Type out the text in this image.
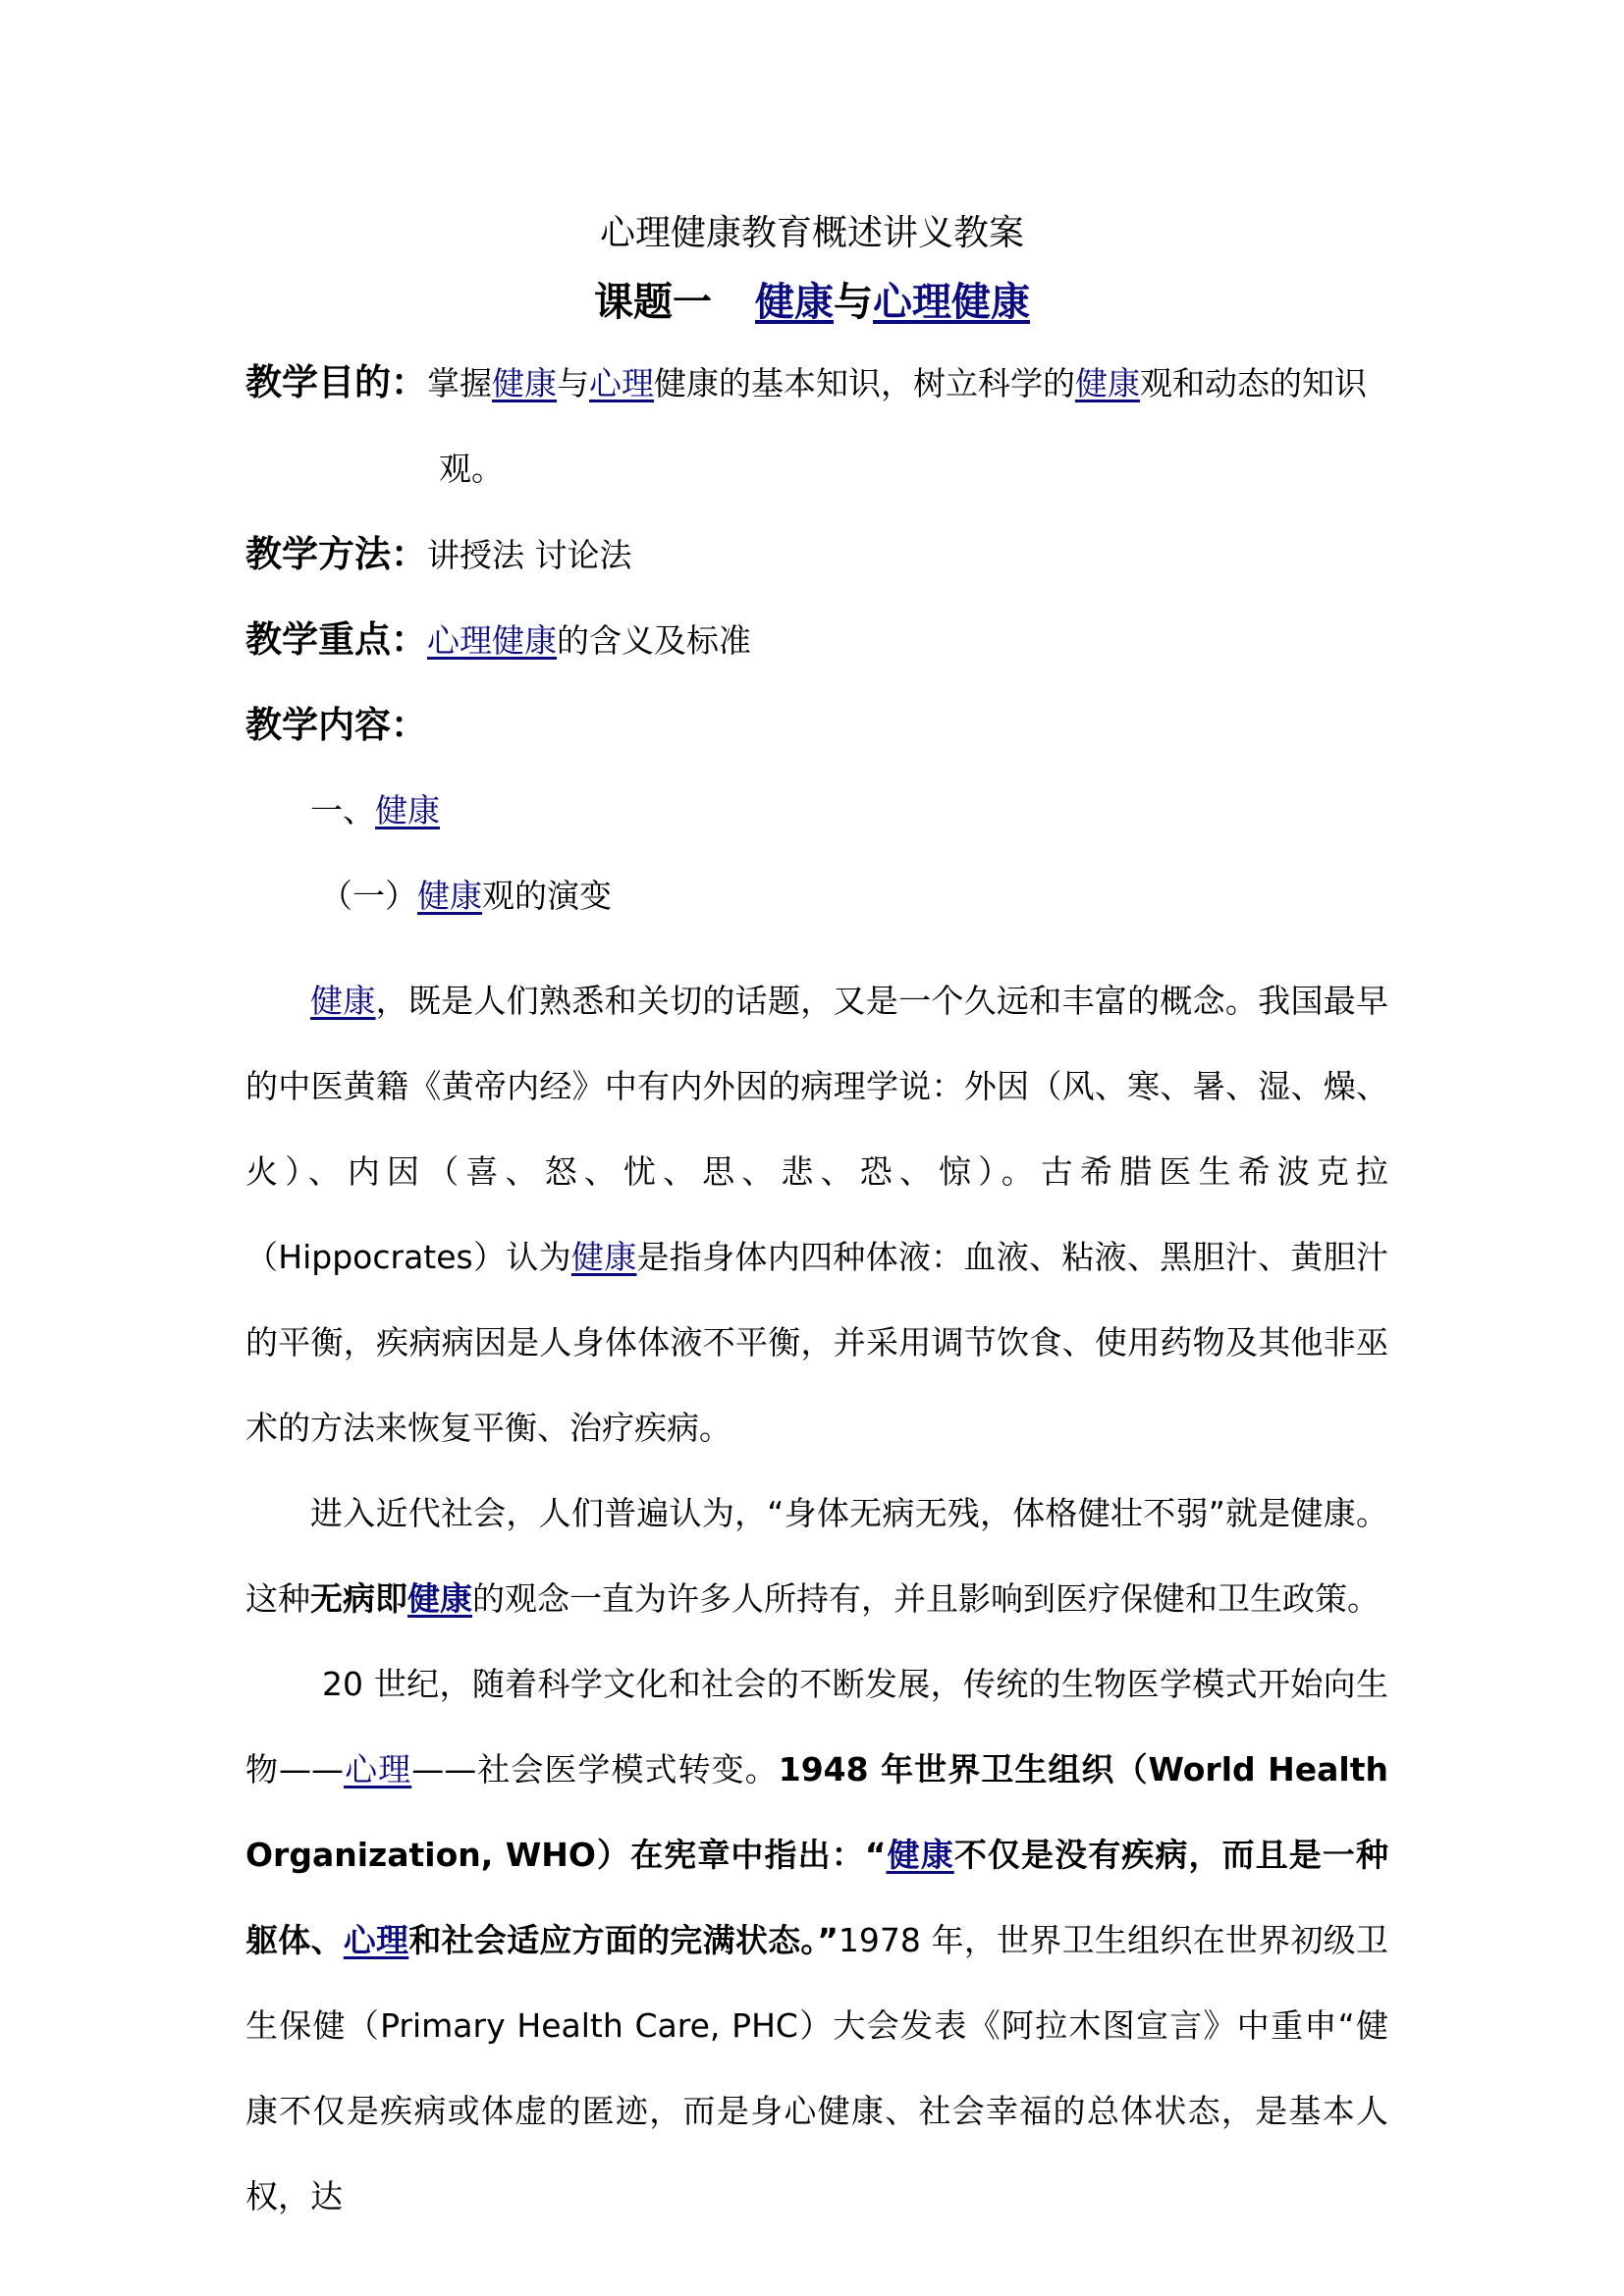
心理健康教育概述讲义教案
课题一 健康与心理健康
教学目的：掌握健康与心理健康的基本知识，树立科学的健康观和动态的知识
观。
教学方法：讲授法 讨论法
教学重点：心理健康的含义及标准
教学内容：
一、健康
（一）健康观的演变

健康，既是人们熟悉和关切的话题，又是一个久远和丰富的概念。我国最早的中医黄籍《黄帝内经》中有内外因的病理学说：外因（风、寒、暑、湿、燥、火）、内因（喜、怒、忧、思、悲、恐、惊）。古希腊医生希波克拉（Hippocrates）认为健康是指身体内四种体液：血液、粘液、黑胆汁、黄胆汁的平衡，疾病病因是人身体体液不平衡，并采用调节饮食、使用药物及其他非巫术的方法来恢复平衡、治疗疾病。

进入近代社会，人们普遍认为，“身体无病无残，体格健壮不弱”就是健康。这种无病即健康的观念一直为许多人所持有，并且影响到医疗保健和卫生政策。

20 世纪，随着科学文化和社会的不断发展，传统的生物医学模式开始向生物——心理——社会医学模式转变。1948 年世界卫生组织（World Health Organization, WHO）在宪章中指出：“健康不仅是没有疾病，而且是一种躯体、心理和社会适应方面的完满状态。”1978 年，世界卫生组织在世界初级卫生保健（Primary Health Care, PHC）大会发表《阿拉木图宣言》中重申“健康不仅是疾病或体虚的匿迹，而是身心健康、社会幸福的总体状态，是基本人权，达
